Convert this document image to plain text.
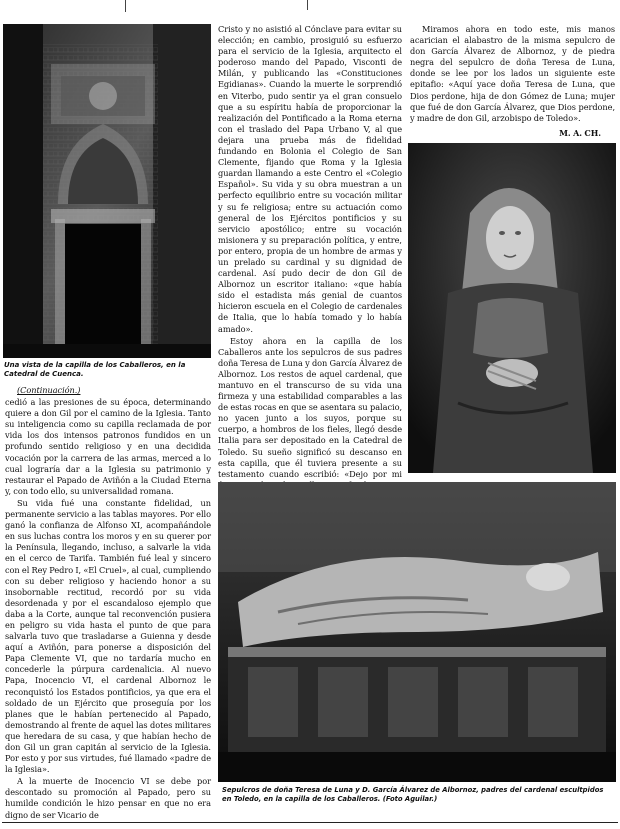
Una vista de la capilla de los Caballeros, en la Catedral de Cuenca.

(Continuación.)

cedió a las presiones de su época, determinando quiere a don Gil por el camino de la Iglesia. Tanto su inteligencia como su capilla reclamada de por vida los dos intensos patronos fundidos en un profundo sentido religioso y en una decidida vocación por la carrera de las armas, merced a lo cual lograría dar a la Iglesia su patrimonio y restaurar el Papado de Aviñón a la Ciudad Eterna y, con todo ello, su universalidad romana.

Su vida fué una constante fidelidad, un permanente servicio a las tablas mayores. Por ello ganó la confianza de Alfonso XI, acompañándole en sus luchas contra los moros y en su querer por la Península, llegando, incluso, a salvarle la vida en el cerco de Tarifa. También fué leal y sincero con el Rey Pedro I, «El Cruel», al cual, cumpliendo con su deber religioso y haciendo honor a su insobornable rectitud, recordó por su vida desordenada y por el escandaloso ejemplo que daba a la Corte, aunque tal reconvención pusiera en peligro su vida hasta el punto de que para salvarla tuvo que trasladarse a Guienna y desde aquí a Aviñón, para ponerse a disposición del Papa Clemente VI, que no tardaría mucho en concederle la púrpura cardenalicia. Al nuevo Papa, Inocencio VI, el cardenal Albornoz le reconquistó los Estados pontificios, ya que era el soldado de un Ejército que proseguía por los planes que le habían pertenecido al Papado, demostrando al frente de aquel las dotes militares que heredara de su casa, y que habían hecho de don Gil un gran capitán al servicio de la Iglesia. Por esto y por sus virtudes, fué llamado «padre de la Iglesia».

A la muerte de Inocencio VI se debe por descontado su promoción al Papado, pero su humilde condición le hizo pensar en que no era digno de ser Vicario de

Cristo y no asistió al Cónclave para evitar su elección; en cambio, prosiguió su esfuerzo para el servicio de la Iglesia, arquitecto el poderoso mando del Papado, Visconti de Milán, y publicando las «Constituciones Egidianas». Cuando la muerte le sorprendió en Viterbo, pudo sentir ya el gran consuelo que a su espíritu había de proporcionar la realización del Pontificado a la Roma eterna con el traslado del Papa Urbano V, al que dejara una prueba más de fidelidad fundando en Bolonia el Colegio de San Clemente, fijando que Roma y la Iglesia guardan llamando a este Centro el «Colegio Español». Su vida y su obra muestran a un perfecto equilibrio entre su vocación militar y su fe religiosa; entre su actuación como general de los Ejércitos pontificios y su servicio apostólico; entre su vocación misionera y su preparación política, y entre, por entero, propia de un hombre de armas y un prelado su cardinal y su dignidad de cardenal. Así pudo decir de don Gil de Albornoz un escritor italiano: «que había sido el estadista más genial de cuantos hicieron escuela en el Colegio de cardenales de Italia, que lo había tomado y lo había amado».

Estoy ahora en la capilla de los Caballeros ante los sepulcros de sus padres doña Teresa de Luna y don García Álvarez de Albornoz. Los restos de aquel cardenal, que mantuvo en el transcurso de su vida una firmeza y una estabilidad comparables a las de estas rocas en que se asentara su palacio, no yacen junto a los suyos, porque su cuerpo, a hombros de los fieles, llegó desde Italia para ser depositado en la Catedral de Toledo. Su sueño significó su descanso en esta capilla, que él tuviera presente a su testamento cuando escribió: «Dejo por mi

Miramos ahora en todo este, mis manos acarician el alabastro de la misma sepulcro de don García Álvarez de Albornoz, y de piedra negra del sepulcro de doña Teresa de Luna, donde se lee por los lados un siguiente este epitafio: «Aquí yace doña Teresa de Luna, que Dios perdone, hija de don Gómez de Luna; mujer que fué de don García Álvarez, que Dios perdone, y madre de don Gil, arzobispo de Toledo».

M. A. CH.
Sepulcros de doña Teresa de Luna y D. García Álvarez de Albornoz, padres del cardenal escultpidos en Toledo, en la capilla de los Caballeros. (Foto Aguilar.)
